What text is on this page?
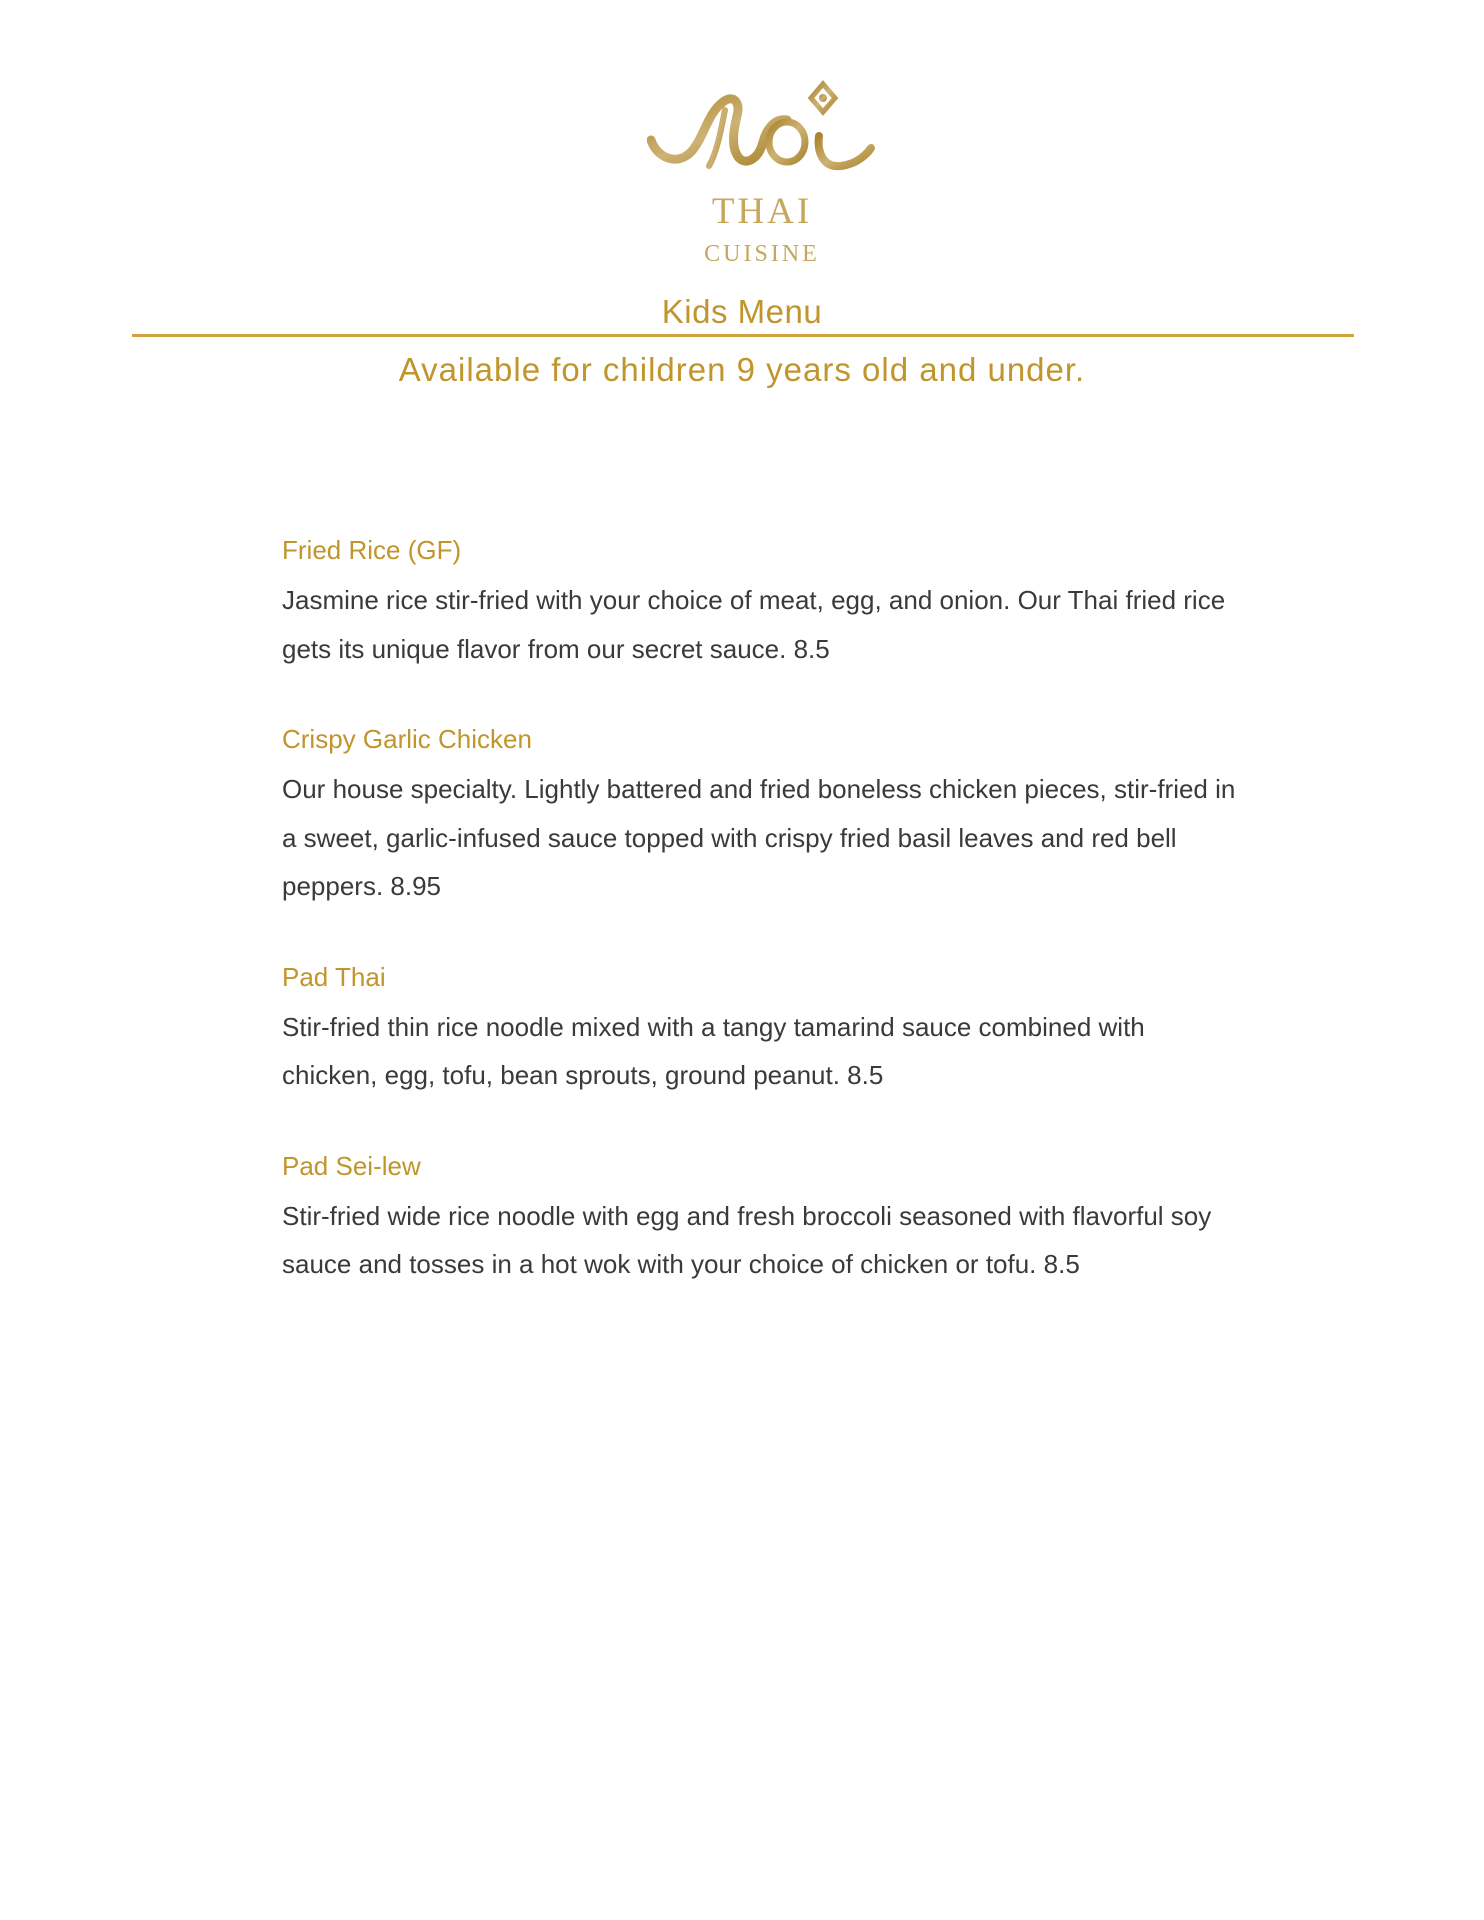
THAI
CUISINE
Kids Menu
Available for children 9 years old and under.
Fried Rice (GF)
Jasmine rice stir-fried with your choice of meat, egg, and onion. Our Thai fried rice gets its unique flavor from our secret sauce. 8.5
Crispy Garlic Chicken
Our house specialty. Lightly battered and fried boneless chicken pieces, stir-fried in a sweet, garlic-infused sauce topped with crispy fried basil leaves and red bell peppers. 8.95
Pad Thai
Stir-fried thin rice noodle mixed with a tangy tamarind sauce combined with chicken, egg, tofu, bean sprouts, ground peanut. 8.5
Pad Sei-lew
Stir-fried wide rice noodle with egg and fresh broccoli seasoned with flavorful soy sauce and tosses in a hot wok with your choice of chicken or tofu. 8.5
